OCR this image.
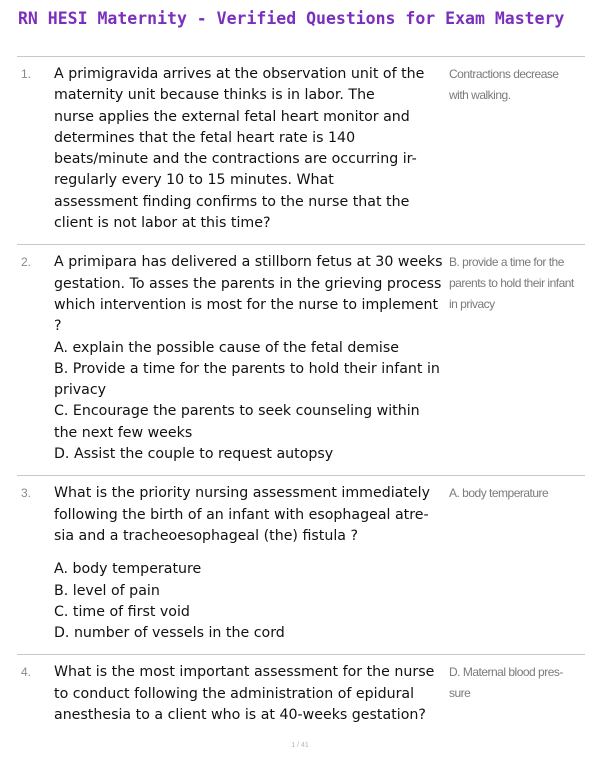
RN HESI Maternity - Verified Questions for Exam Mastery
1. A primigravida arrives at the observation unit of the
maternity unit because thinks is in labor. The
nurse applies the external fetal heart monitor and
determines that the fetal heart rate is 140
beats/minute and the contractions are occurring ir-
regularly every 10 to 15 minutes. What
assessment finding confirms to the nurse that the
client is not labor at this time?
Contractions decrease
with walking.
2. A primipara has delivered a stillborn fetus at 30 weeks
gestation. To asses the parents in the grieving process
which intervention is most for the nurse to implement
?
A. explain the possible cause of the fetal demise
B. Provide a time for the parents to hold their infant in
privacy
C. Encourage the parents to seek counseling within
the next few weeks
D. Assist the couple to request autopsy
B. provide a time for the
parents to hold their infant
in privacy
3. What is the priority nursing assessment immediately
following the birth of an infant with esophageal atre-
sia and a tracheoesophageal (the) fistula ?
A. body temperature
B. level of pain
C. time of first void
D. number of vessels in the cord
A. body temperature
4. What is the most important assessment for the nurse
to conduct following the administration of epidural
anesthesia to a client who is at 40-weeks gestation?
D. Maternal blood pres-
sure
1 / 41
